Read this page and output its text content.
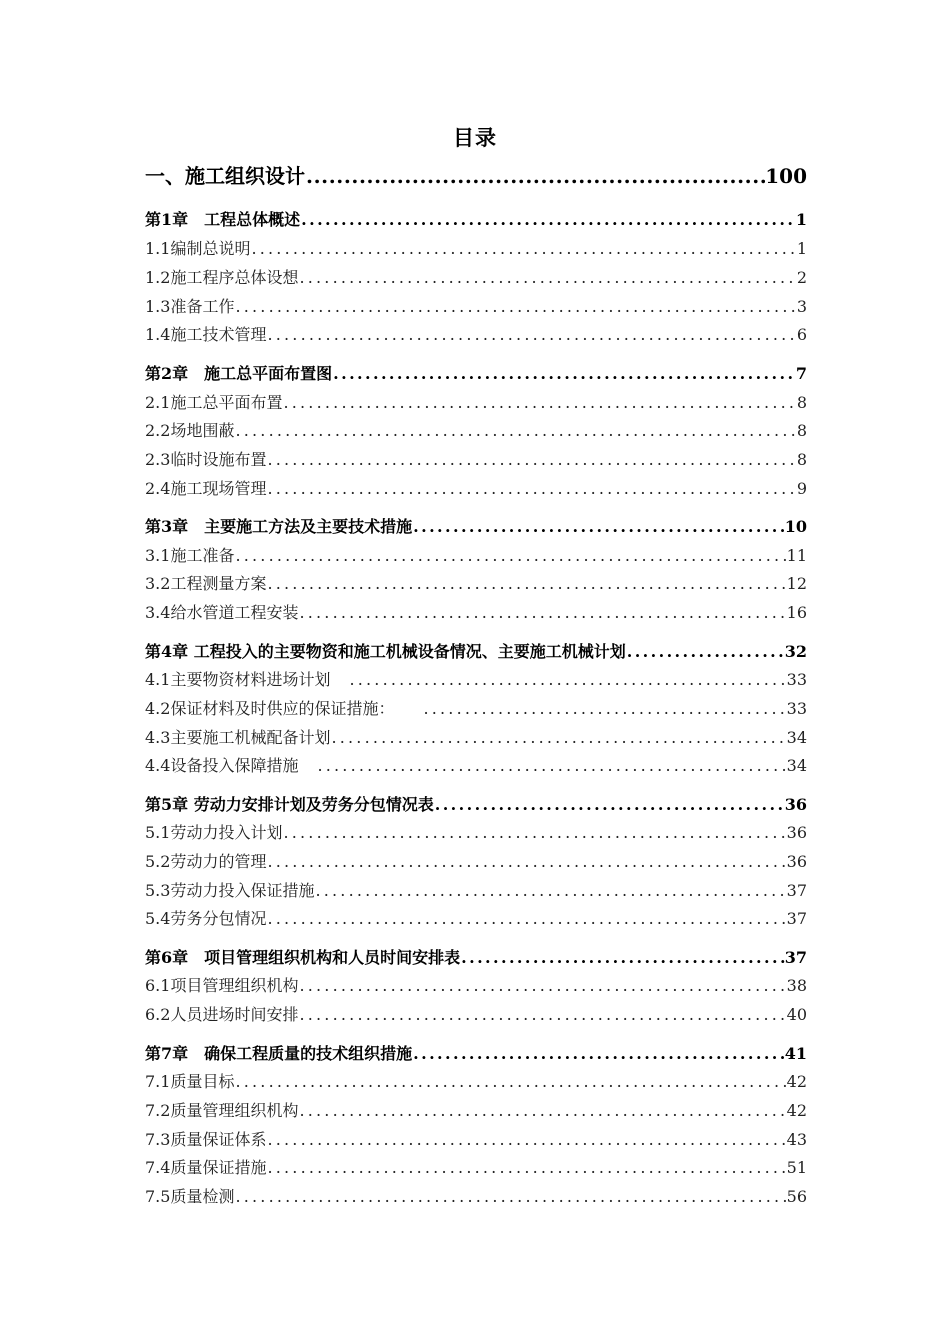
目录
一、施工组织设计 .....	100
第1章　工程总体概述 .....	1
1.1编制总说明 .....	1
1.2施工程序总体设想 .....	2
1.3准备工作 .....	3
1.4施工技术管理 .....	6
第2章　施工总平面布置图 .....	7
2.1施工总平面布置 .....	8
2.2场地围蔽 .....	8
2.3临时设施布置 .....	8
2.4施工现场管理 .....	9
第3章　主要施工方法及主要技术措施 .....	10
3.1施工准备 .....	11
3.2工程测量方案 .....	12
3.4给水管道工程安装 .....	16
第4章 工程投入的主要物资和施工机械设备情况、主要施工机械计划 .....	32
4.1主要物资材料进场计划 .....	33
4.2保证材料及时供应的保证措施： .....	33
4.3主要施工机械配备计划 .....	34
4.4设备投入保障措施 .....	34
第5章 劳动力安排计划及劳务分包情况表 .....	36
5.1劳动力投入计划 .....	36
5.2劳动力的管理 .....	36
5.3劳动力投入保证措施 .....	37
5.4劳务分包情况 .....	37
第6章　项目管理组织机构和人员时间安排表 .....	37
6.1项目管理组织机构 .....	38
6.2人员进场时间安排 .....	40
第7章　确保工程质量的技术组织措施 .....	41
7.1质量目标 .....	42
7.2质量管理组织机构 .....	42
7.3质量保证体系 .....	43
7.4质量保证措施 .....	51
7.5质量检测 .....	56
